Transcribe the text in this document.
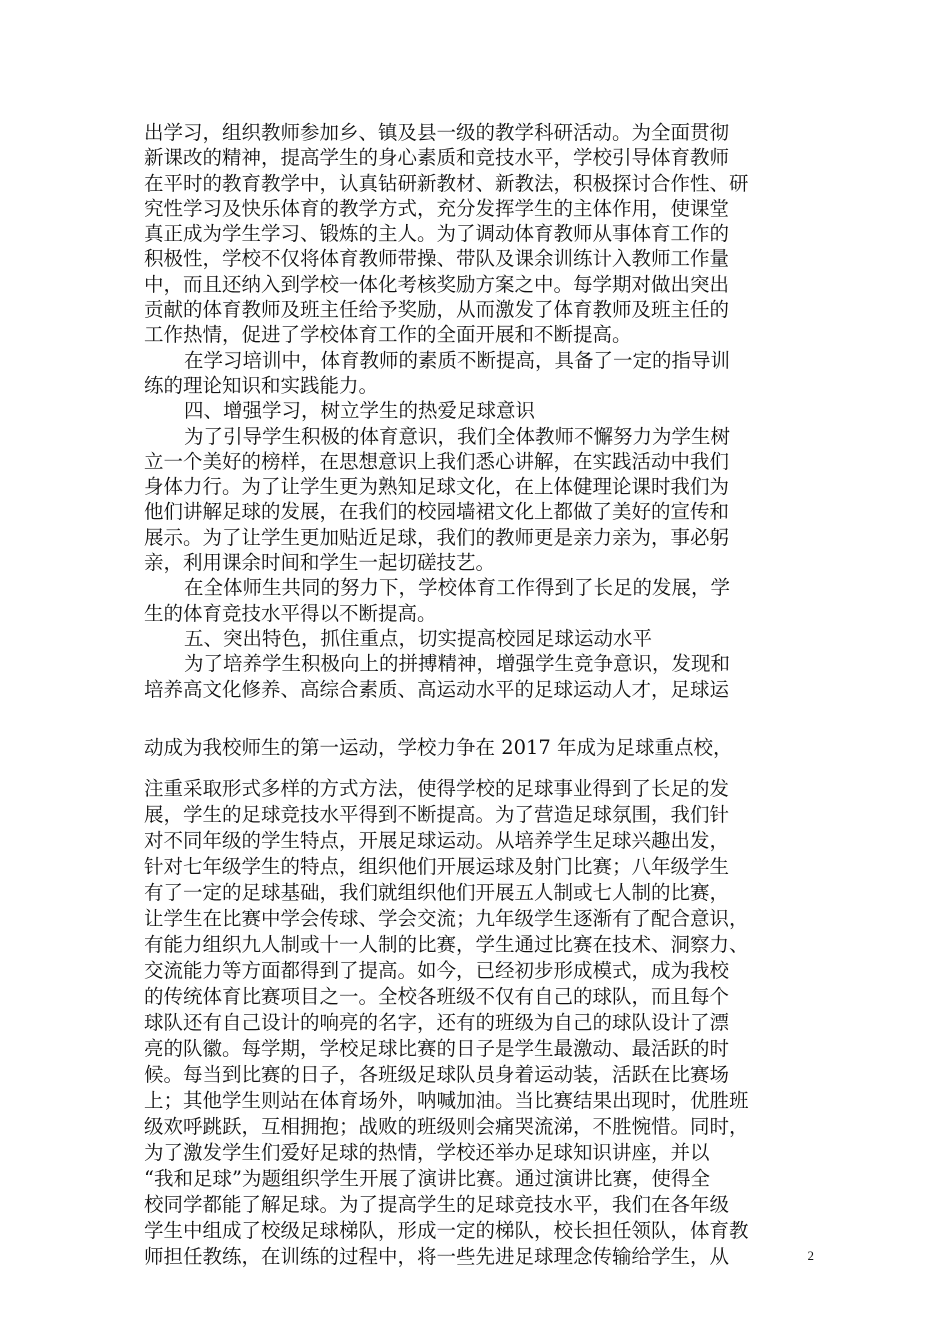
出学习，组织教师参加乡、镇及县一级的教学科研活动。为全面贯彻
新课改的精神，提高学生的身心素质和竞技水平，学校引导体育教师
在平时的教育教学中，认真钻研新教材、新教法，积极探讨合作性、研
究性学习及快乐体育的教学方式，充分发挥学生的主体作用，使课堂
真正成为学生学习、锻炼的主人。为了调动体育教师从事体育工作的
积极性，学校不仅将体育教师带操、带队及课余训练计入教师工作量
中，而且还纳入到学校一体化考核奖励方案之中。每学期对做出突出
贡献的体育教师及班主任给予奖励，从而激发了体育教师及班主任的
工作热情，促进了学校体育工作的全面开展和不断提高。
在学习培训中，体育教师的素质不断提高，具备了一定的指导训
练的理论知识和实践能力。
四、增强学习，树立学生的热爱足球意识
为了引导学生积极的体育意识，我们全体教师不懈努力为学生树
立一个美好的榜样，在思想意识上我们悉心讲解，在实践活动中我们
身体力行。为了让学生更为熟知足球文化，在上体健理论课时我们为
他们讲解足球的发展，在我们的校园墙裙文化上都做了美好的宣传和
展示。为了让学生更加贴近足球，我们的教师更是亲力亲为，事必躬
亲，利用课余时间和学生一起切磋技艺。
在全体师生共同的努力下，学校体育工作得到了长足的发展，学
生的体育竞技水平得以不断提高。
五、突出特色，抓住重点，切实提高校园足球运动水平
为了培养学生积极向上的拼搏精神，增强学生竞争意识，发现和
培养高文化修养、高综合素质、高运动水平的足球运动人才，足球运
动成为我校师生的第一运动，学校力争在 2017 年成为足球重点校，
注重采取形式多样的方式方法，使得学校的足球事业得到了长足的发
展，学生的足球竞技水平得到不断提高。为了营造足球氛围，我们针
对不同年级的学生特点，开展足球运动。从培养学生足球兴趣出发，
针对七年级学生的特点，组织他们开展运球及射门比赛；八年级学生
有了一定的足球基础，我们就组织他们开展五人制或七人制的比赛，
让学生在比赛中学会传球、学会交流；九年级学生逐渐有了配合意识，
有能力组织九人制或十一人制的比赛，学生通过比赛在技术、洞察力、
交流能力等方面都得到了提高。如今，已经初步形成模式，成为我校
的传统体育比赛项目之一。全校各班级不仅有自己的球队，而且每个
球队还有自己设计的响亮的名字，还有的班级为自己的球队设计了漂
亮的队徽。每学期，学校足球比赛的日子是学生最激动、最活跃的时
候。每当到比赛的日子，各班级足球队员身着运动装，活跃在比赛场
上；其他学生则站在体育场外，呐喊加油。当比赛结果出现时，优胜班
级欢呼跳跃，互相拥抱；战败的班级则会痛哭流涕，不胜惋惜。同时，
为了激发学生们爱好足球的热情，学校还举办足球知识讲座，并以
“我和足球”为题组织学生开展了演讲比赛。通过演讲比赛，使得全
校同学都能了解足球。为了提高学生的足球竞技水平，我们在各年级
学生中组成了校级足球梯队，形成一定的梯队，校长担任领队，体育教
师担任教练，在训练的过程中，将一些先进足球理念传输给学生，从	2
